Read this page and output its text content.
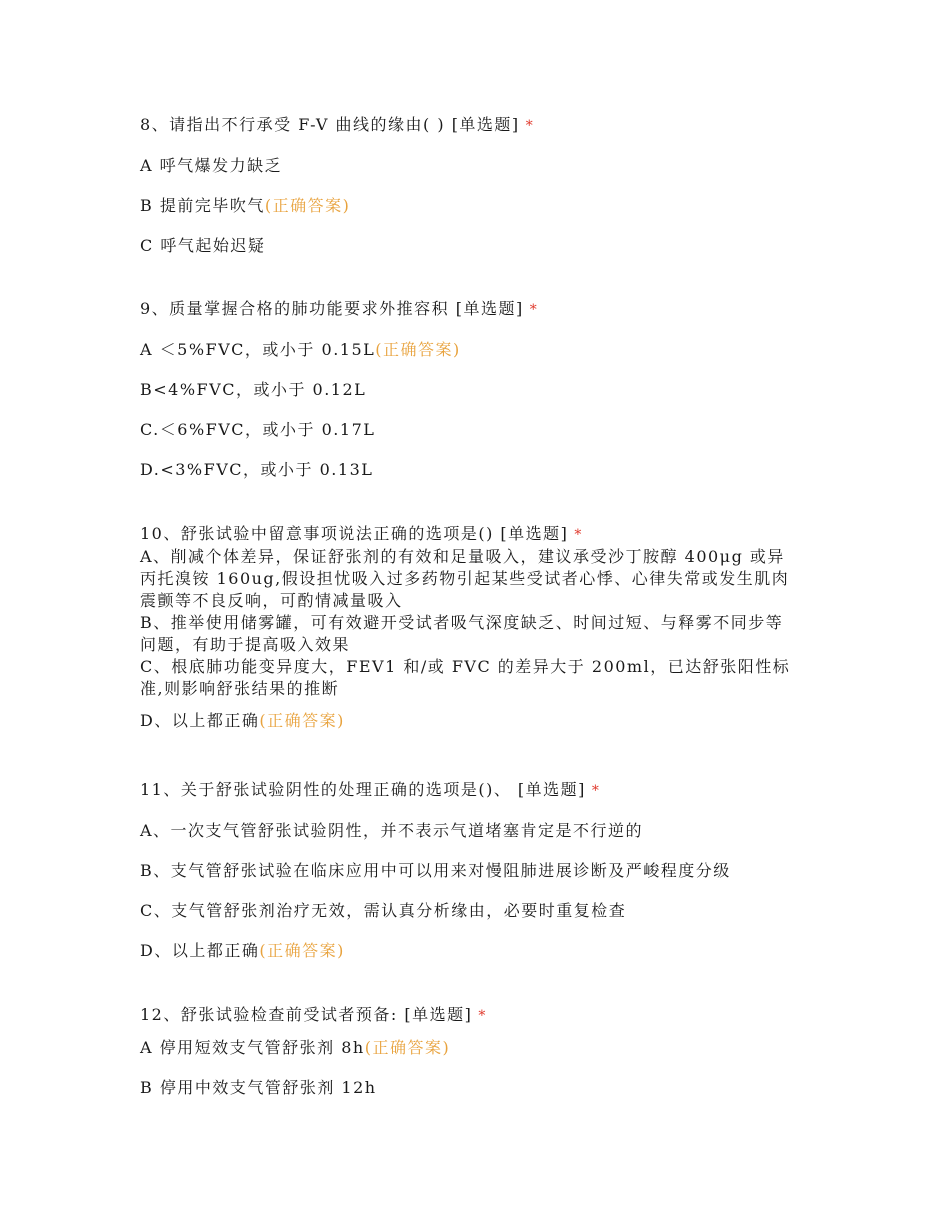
8、请指出不行承受 F-V 曲线的缘由( ) [单选题] *

A 呼气爆发力缺乏

B 提前完毕吹气(正确答案)

C 呼气起始迟疑

9、质量掌握合格的肺功能要求外推容积 [单选题] *

A ＜5%FVC，或小于 0.15L(正确答案)

B<4%FVC，或小于 0.12L

C.＜6%FVC，或小于 0.17L

D.<3%FVC，或小于 0.13L

10、舒张试验中留意事项说法正确的选项是() [单选题] *

A、削减个体差异，保证舒张剂的有效和足量吸入，建议承受沙丁胺醇 400μg 或异丙托溴铵 160ug,假设担忧吸入过多药物引起某些受试者心悸、心律失常或发生肌肉震颤等不良反响，可酌情减量吸入

B、推举使用储雾罐，可有效避开受试者吸气深度缺乏、时间过短、与释雾不同步等问题，有助于提高吸入效果

C、根底肺功能变异度大，FEV1 和/或 FVC 的差异大于 200ml，已达舒张阳性标准,则影响舒张结果的推断

D、以上都正确(正确答案)

11、关于舒张试验阴性的处理正确的选项是()、 [单选题] *

A、一次支气管舒张试验阴性，并不表示气道堵塞肯定是不行逆的

B、支气管舒张试验在临床应用中可以用来对慢阻肺进展诊断及严峻程度分级

C、支气管舒张剂治疗无效，需认真分析缘由，必要时重复检查

D、以上都正确(正确答案)

12、舒张试验检查前受试者预备: [单选题] *

A 停用短效支气管舒张剂 8h(正确答案)

B 停用中效支气管舒张剂 12h
